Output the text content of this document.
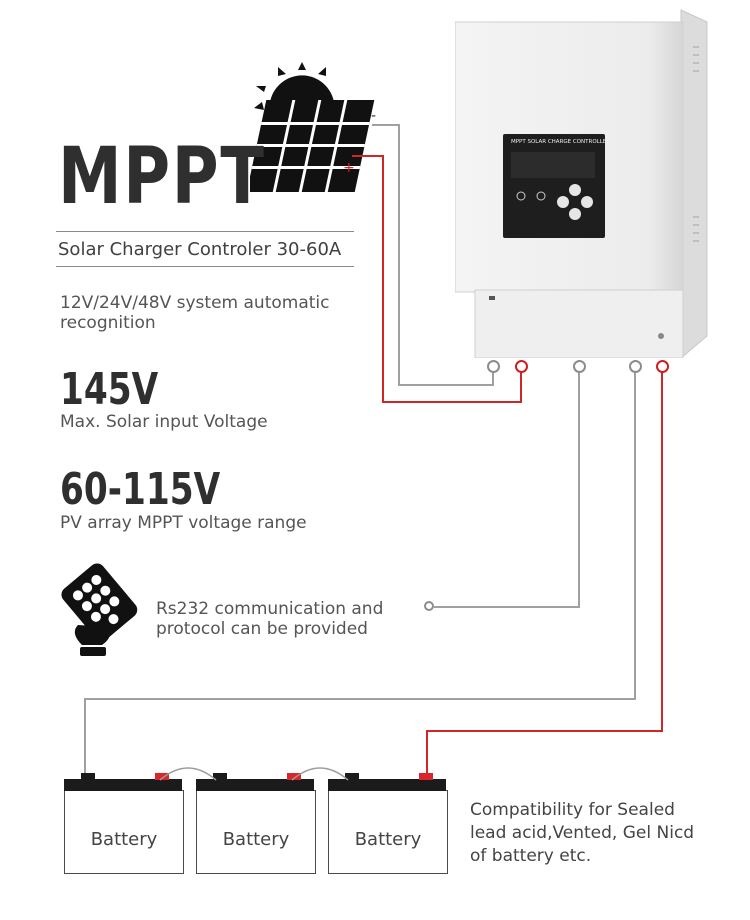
-
+
MPPT
Solar Charger Controler 30-60A
12V/24V/48V system automatic recognition
145V
Max. Solar input Voltage
60-115V
PV array MPPT voltage range
Rs232 communication and
protocol can be provided
MPPT SOLAR CHARGE CONTROLLER
Battery	Battery	Battery
Compatibility for Sealed
lead acid,Vented, Gel Nicd
of battery etc.
